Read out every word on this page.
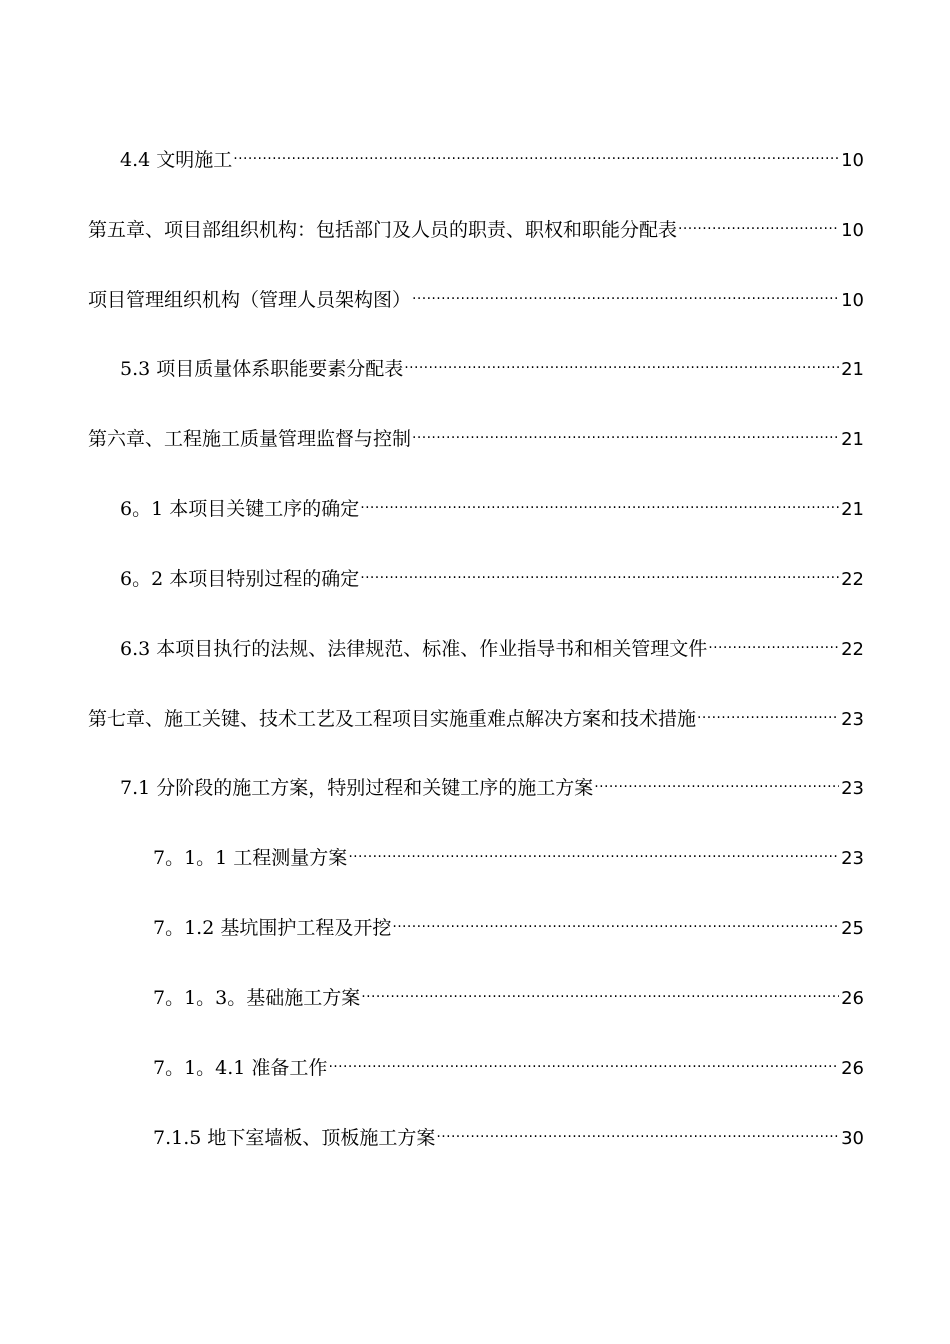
4.4 文明施工 .....	10
第五章、项目部组织机构：包括部门及人员的职责、职权和职能分配表 .....	10
项目管理组织机构（管理人员架构图） .....	10
5.3 项目质量体系职能要素分配表 .....	21
第六章、工程施工质量管理监督与控制 .....	21
6。1 本项目关键工序的确定 .....	21
6。2 本项目特别过程的确定 .....	22
6.3 本项目执行的法规、法律规范、标准、作业指导书和相关管理文件 .....	22
第七章、施工关键、技术工艺及工程项目实施重难点解决方案和技术措施 .....	23
7.1 分阶段的施工方案，特别过程和关键工序的施工方案 .....	23
7。1。1 工程测量方案 .....	23
7。1.2 基坑围护工程及开挖 .....	25
7。1。3。基础施工方案 .....	26
7。1。4.1 准备工作 .....	26
7.1.5 地下室墙板、顶板施工方案 .....	30
